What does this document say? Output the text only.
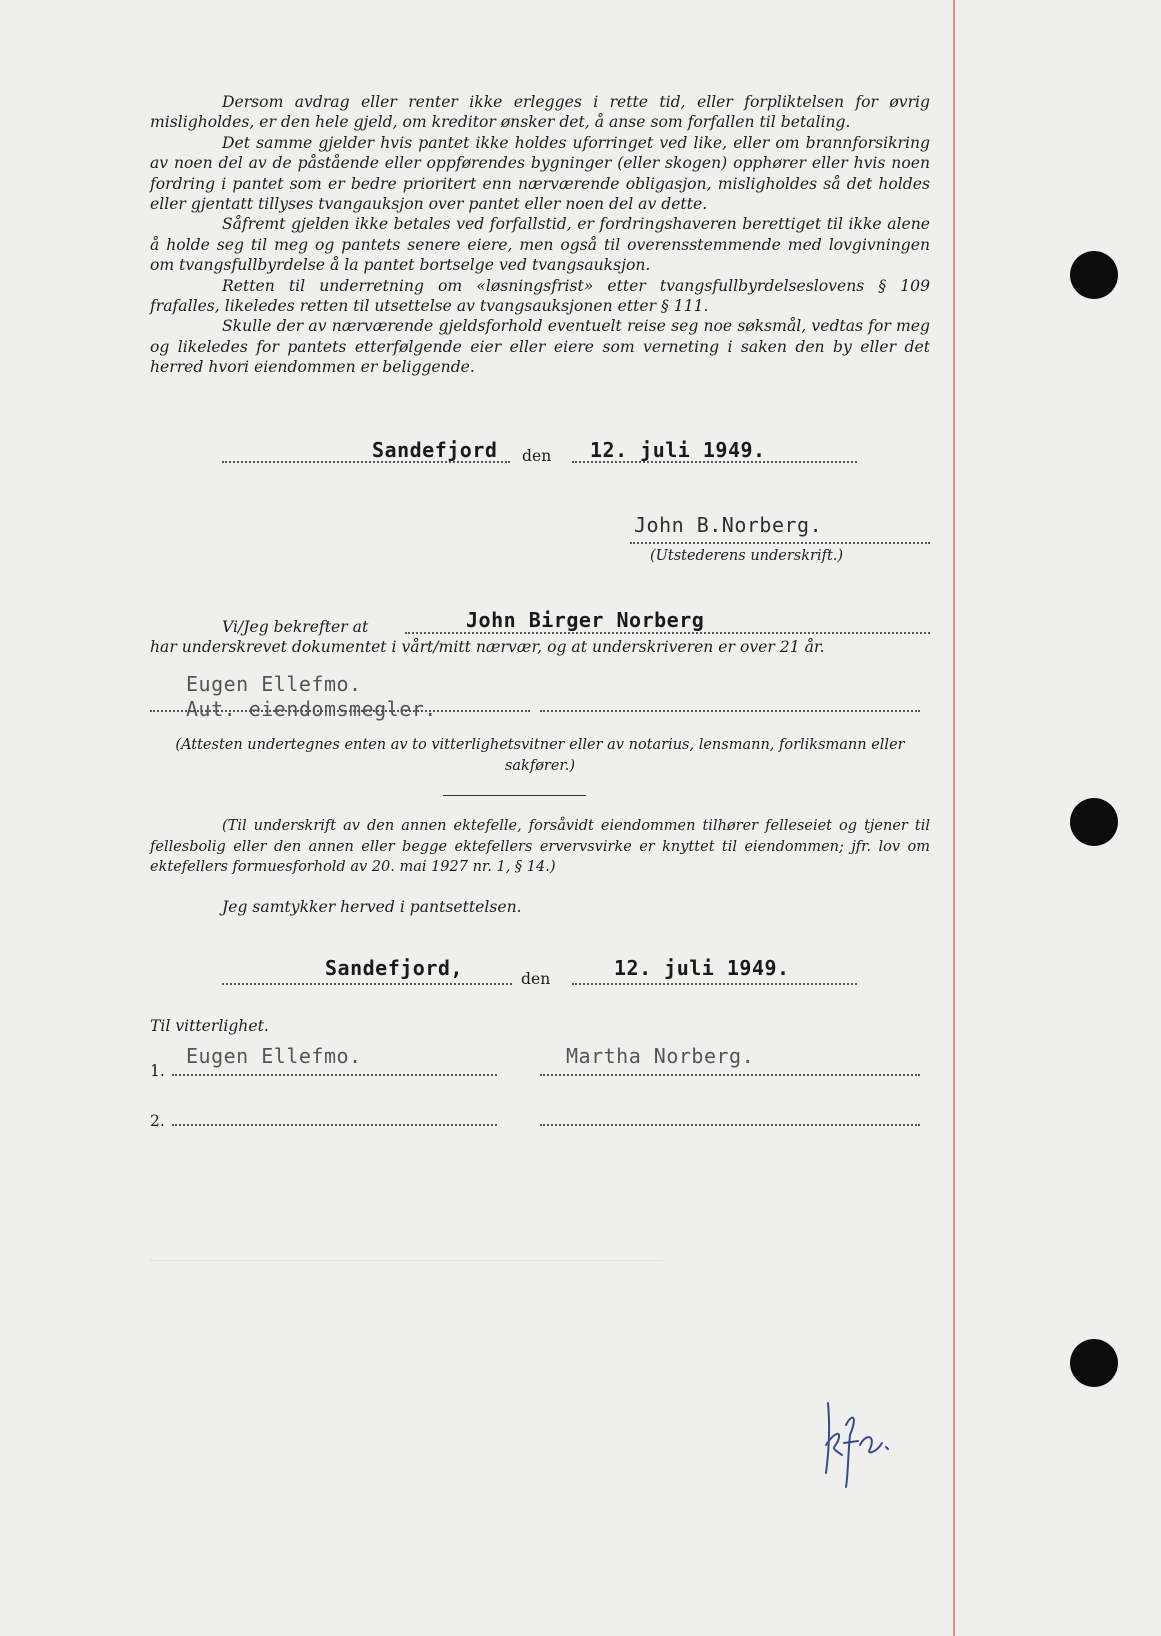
———————————————————————————————————————————————————————————————————————

Dersom avdrag eller renter ikke erlegges i rette tid, eller forpliktelsen for øvrig misligholdes, er den hele gjeld, om kreditor ønsker det, å anse som forfallen til betaling.

Det samme gjelder hvis pantet ikke holdes uforringet ved like, eller om brannforsikring av noen del av de påstående eller oppførendes bygninger (eller skogen) opphører eller hvis noen fordring i pantet som er bedre prioritert enn nærværende obligasjon, misligholdes så det holdes eller gjentatt tillyses tvangauksjon over pantet eller noen del av dette.

Såfremt gjelden ikke betales ved forfallstid, er fordringshaveren berettiget til ikke alene å holde seg til meg og pantets senere eiere, men også til overensstemmende med lovgivningen om tvangsfullbyrdelse å la pantet bortselge ved tvangsauksjon.

Retten til underretning om «løsningsfrist» etter tvangsfullbyrdelseslovens § 109 frafalles, likeledes retten til utsettelse av tvangsauksjonen etter § 111.

Skulle der av nærværende gjeldsforhold eventuelt reise seg noe søksmål, vedtas for meg og likeledes for pantets etterfølgende eier eller eiere som verneting i saken den by eller det herred hvori eiendommen er beliggende.

Sandefjord den 12. juli 1949.
John B.Norberg.
(Utstederens underskrift.)
Vi/Jeg bekrefter at	John Birger Norberg
har underskrevet dokumentet i vårt/mitt nærvær, og at underskriveren er over 21 år.
Eugen Ellefmo.
Aut. eiendomsmegler.
(Attesten undertegnes enten av to vitterlighetsvitner eller av notarius, lensmann, forliksmann eller sakfører.)
(Til underskrift av den annen ektefelle, forsåvidt eiendommen tilhører felleseiet og tjener til fellesbolig eller den annen eller begge ektefellers ervervsvirke er knyttet til eiendommen; jfr. lov om ektefellers formuesforhold av 20. mai 1927 nr. 1, § 14.)
Jeg samtykker herved i pantsettelsen.
Sandefjord,	den	12. juli 1949.
Til vitterlighet.
1.
Eugen Ellefmo.	Martha Norberg.
2.
